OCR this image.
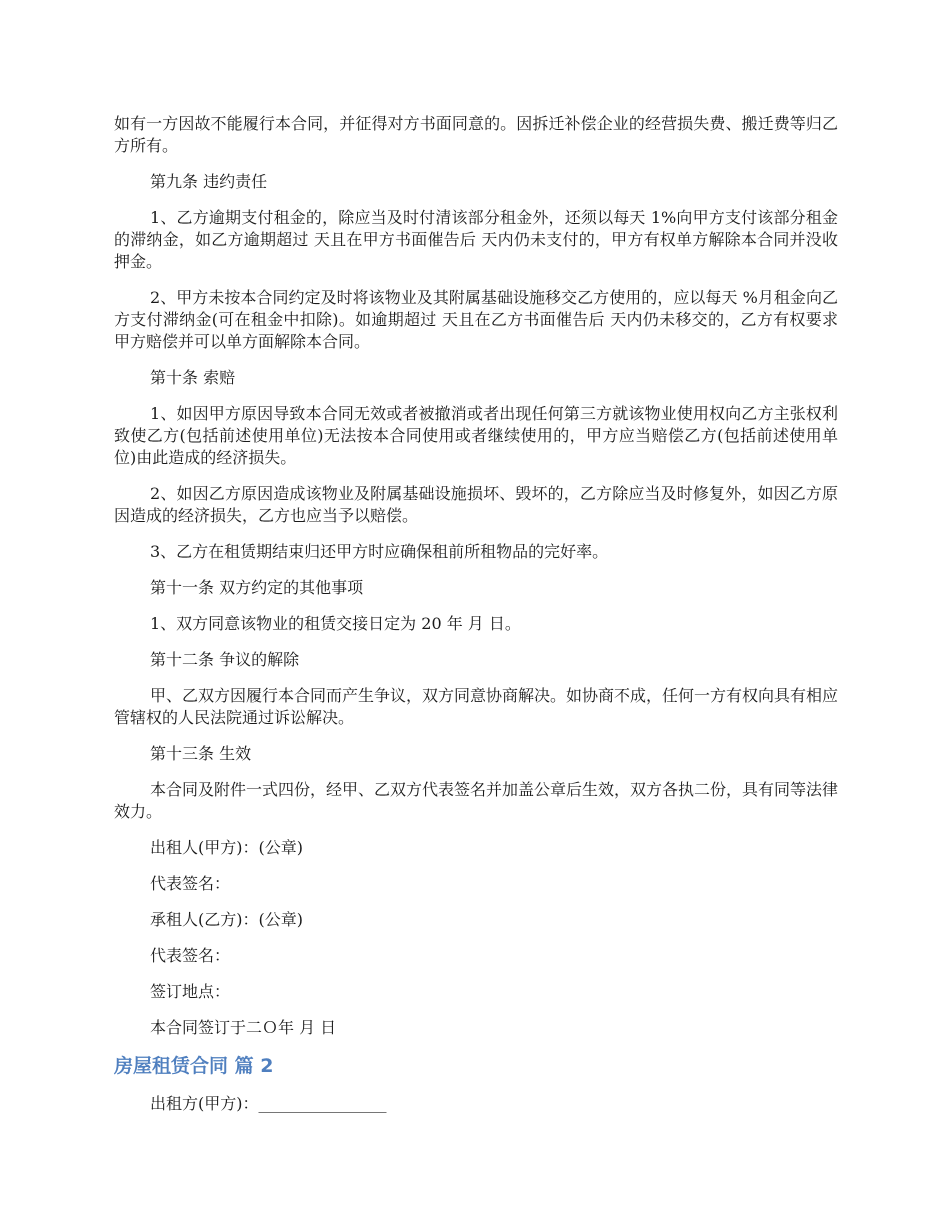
如有一方因故不能履行本合同，并征得对方书面同意的。因拆迁补偿企业的经营损失费、搬迁费等归乙方所有。

第九条 违约责任

1、乙方逾期支付租金的，除应当及时付清该部分租金外，还须以每天 1%向甲方支付该部分租金的滞纳金，如乙方逾期超过 天且在甲方书面催告后 天内仍未支付的，甲方有权单方解除本合同并没收押金。

2、甲方未按本合同约定及时将该物业及其附属基础设施移交乙方使用的，应以每天 %月租金向乙方支付滞纳金(可在租金中扣除)。如逾期超过 天且在乙方书面催告后 天内仍未移交的，乙方有权要求甲方赔偿并可以单方面解除本合同。

第十条 索赔

1、如因甲方原因导致本合同无效或者被撤消或者出现任何第三方就该物业使用权向乙方主张权利致使乙方(包括前述使用单位)无法按本合同使用或者继续使用的，甲方应当赔偿乙方(包括前述使用单位)由此造成的经济损失。

2、如因乙方原因造成该物业及附属基础设施损坏、毁坏的，乙方除应当及时修复外，如因乙方原因造成的经济损失，乙方也应当予以赔偿。

3、乙方在租赁期结束归还甲方时应确保租前所租物品的完好率。

第十一条 双方约定的其他事项

1、双方同意该物业的租赁交接日定为 20 年 月 日。

第十二条 争议的解除

甲、乙双方因履行本合同而产生争议，双方同意协商解决。如协商不成，任何一方有权向具有相应管辖权的人民法院通过诉讼解决。

第十三条 生效

本合同及附件一式四份，经甲、乙双方代表签名并加盖公章后生效，双方各执二份，具有同等法律效力。

出租人(甲方)：(公章)

代表签名：

承租人(乙方)：(公章)

代表签名：

签订地点：

本合同签订于二Ｏ年 月 日

房屋租赁合同 篇 2

出租方(甲方)：________________
